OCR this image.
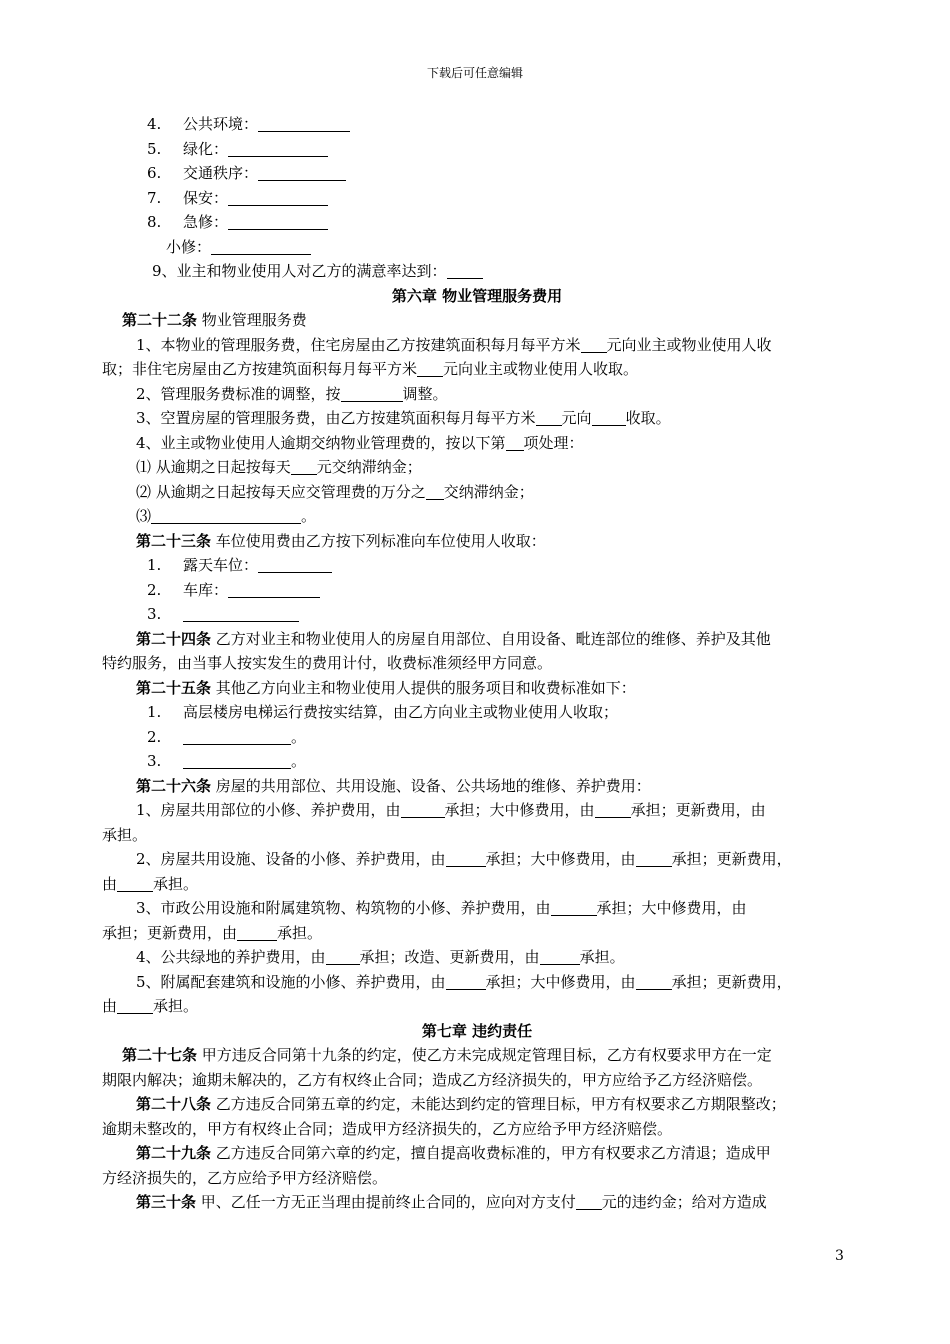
下载后可任意编辑
4. 公共环境：
5. 绿化：
6. 交通秩序：
7. 保安：
8. 急修：
小修：
9、业主和物业使用人对乙方的满意率达到：
第六章 物业管理服务费用
第二十二条 物业管理服务费
1、本物业的管理服务费，住宅房屋由乙方按建筑面积每月每平方米 元向业主或物业使用人收
取；非住宅房屋由乙方按建筑面积每月每平方米 元向业主或物业使用人收取。
2、管理服务费标准的调整，按	调整。
3、空置房屋的管理服务费，由乙方按建筑面积每月每平方米 元向 收取。
4、业主或物业使用人逾期交纳物业管理费的，按以下第 项处理：
⑴ 从逾期之日起按每天 元交纳滞纳金；
⑵ 从逾期之日起按每天应交管理费的万分之 交纳滞纳金；
⑶	。
第二十三条 车位使用费由乙方按下列标准向车位使用人收取：
1. 露天车位：
2. 车库：
3.
第二十四条 乙方对业主和物业使用人的房屋自用部位、自用设备、毗连部位的维修、养护及其他
特约服务，由当事人按实发生的费用计付，收费标准须经甲方同意。
第二十五条 其他乙方向业主和物业使用人提供的服务项目和收费标准如下：
1. 高层楼房电梯运行费按实结算，由乙方向业主或物业使用人收取；
2.	。
3.	。
第二十六条 房屋的共用部位、共用设施、设备、公共场地的维修、养护费用：
1、房屋共用部位的小修、养护费用，由	承担；大中修费用，由 承担；更新费用，由
承担。
2、房屋共用设施、设备的小修、养护费用，由	承担；大中修费用，由 承担；更新费用，
由 承担。
3、市政公用设施和附属建筑物、构筑物的小修、养护费用，由	承担；大中修费用，由
承担；更新费用，由	承担。
4、公共绿地的养护费用，由 承担；改造、更新费用，由	承担。
5、附属配套建筑和设施的小修、养护费用，由	承担；大中修费用，由 承担；更新费用，
由 承担。
第七章 违约责任
第二十七条 甲方违反合同第十九条的约定，使乙方未完成规定管理目标，乙方有权要求甲方在一定
期限内解决；逾期未解决的，乙方有权终止合同；造成乙方经济损失的，甲方应给予乙方经济赔偿。
第二十八条 乙方违反合同第五章的约定，未能达到约定的管理目标，甲方有权要求乙方期限整改；
逾期未整改的，甲方有权终止合同；造成甲方经济损失的，乙方应给予甲方经济赔偿。
第二十九条 乙方违反合同第六章的约定，擅自提高收费标准的，甲方有权要求乙方清退；造成甲
方经济损失的，乙方应给予甲方经济赔偿。
第三十条 甲、乙任一方无正当理由提前终止合同的，应向对方支付 元的违约金；给对方造成
3
